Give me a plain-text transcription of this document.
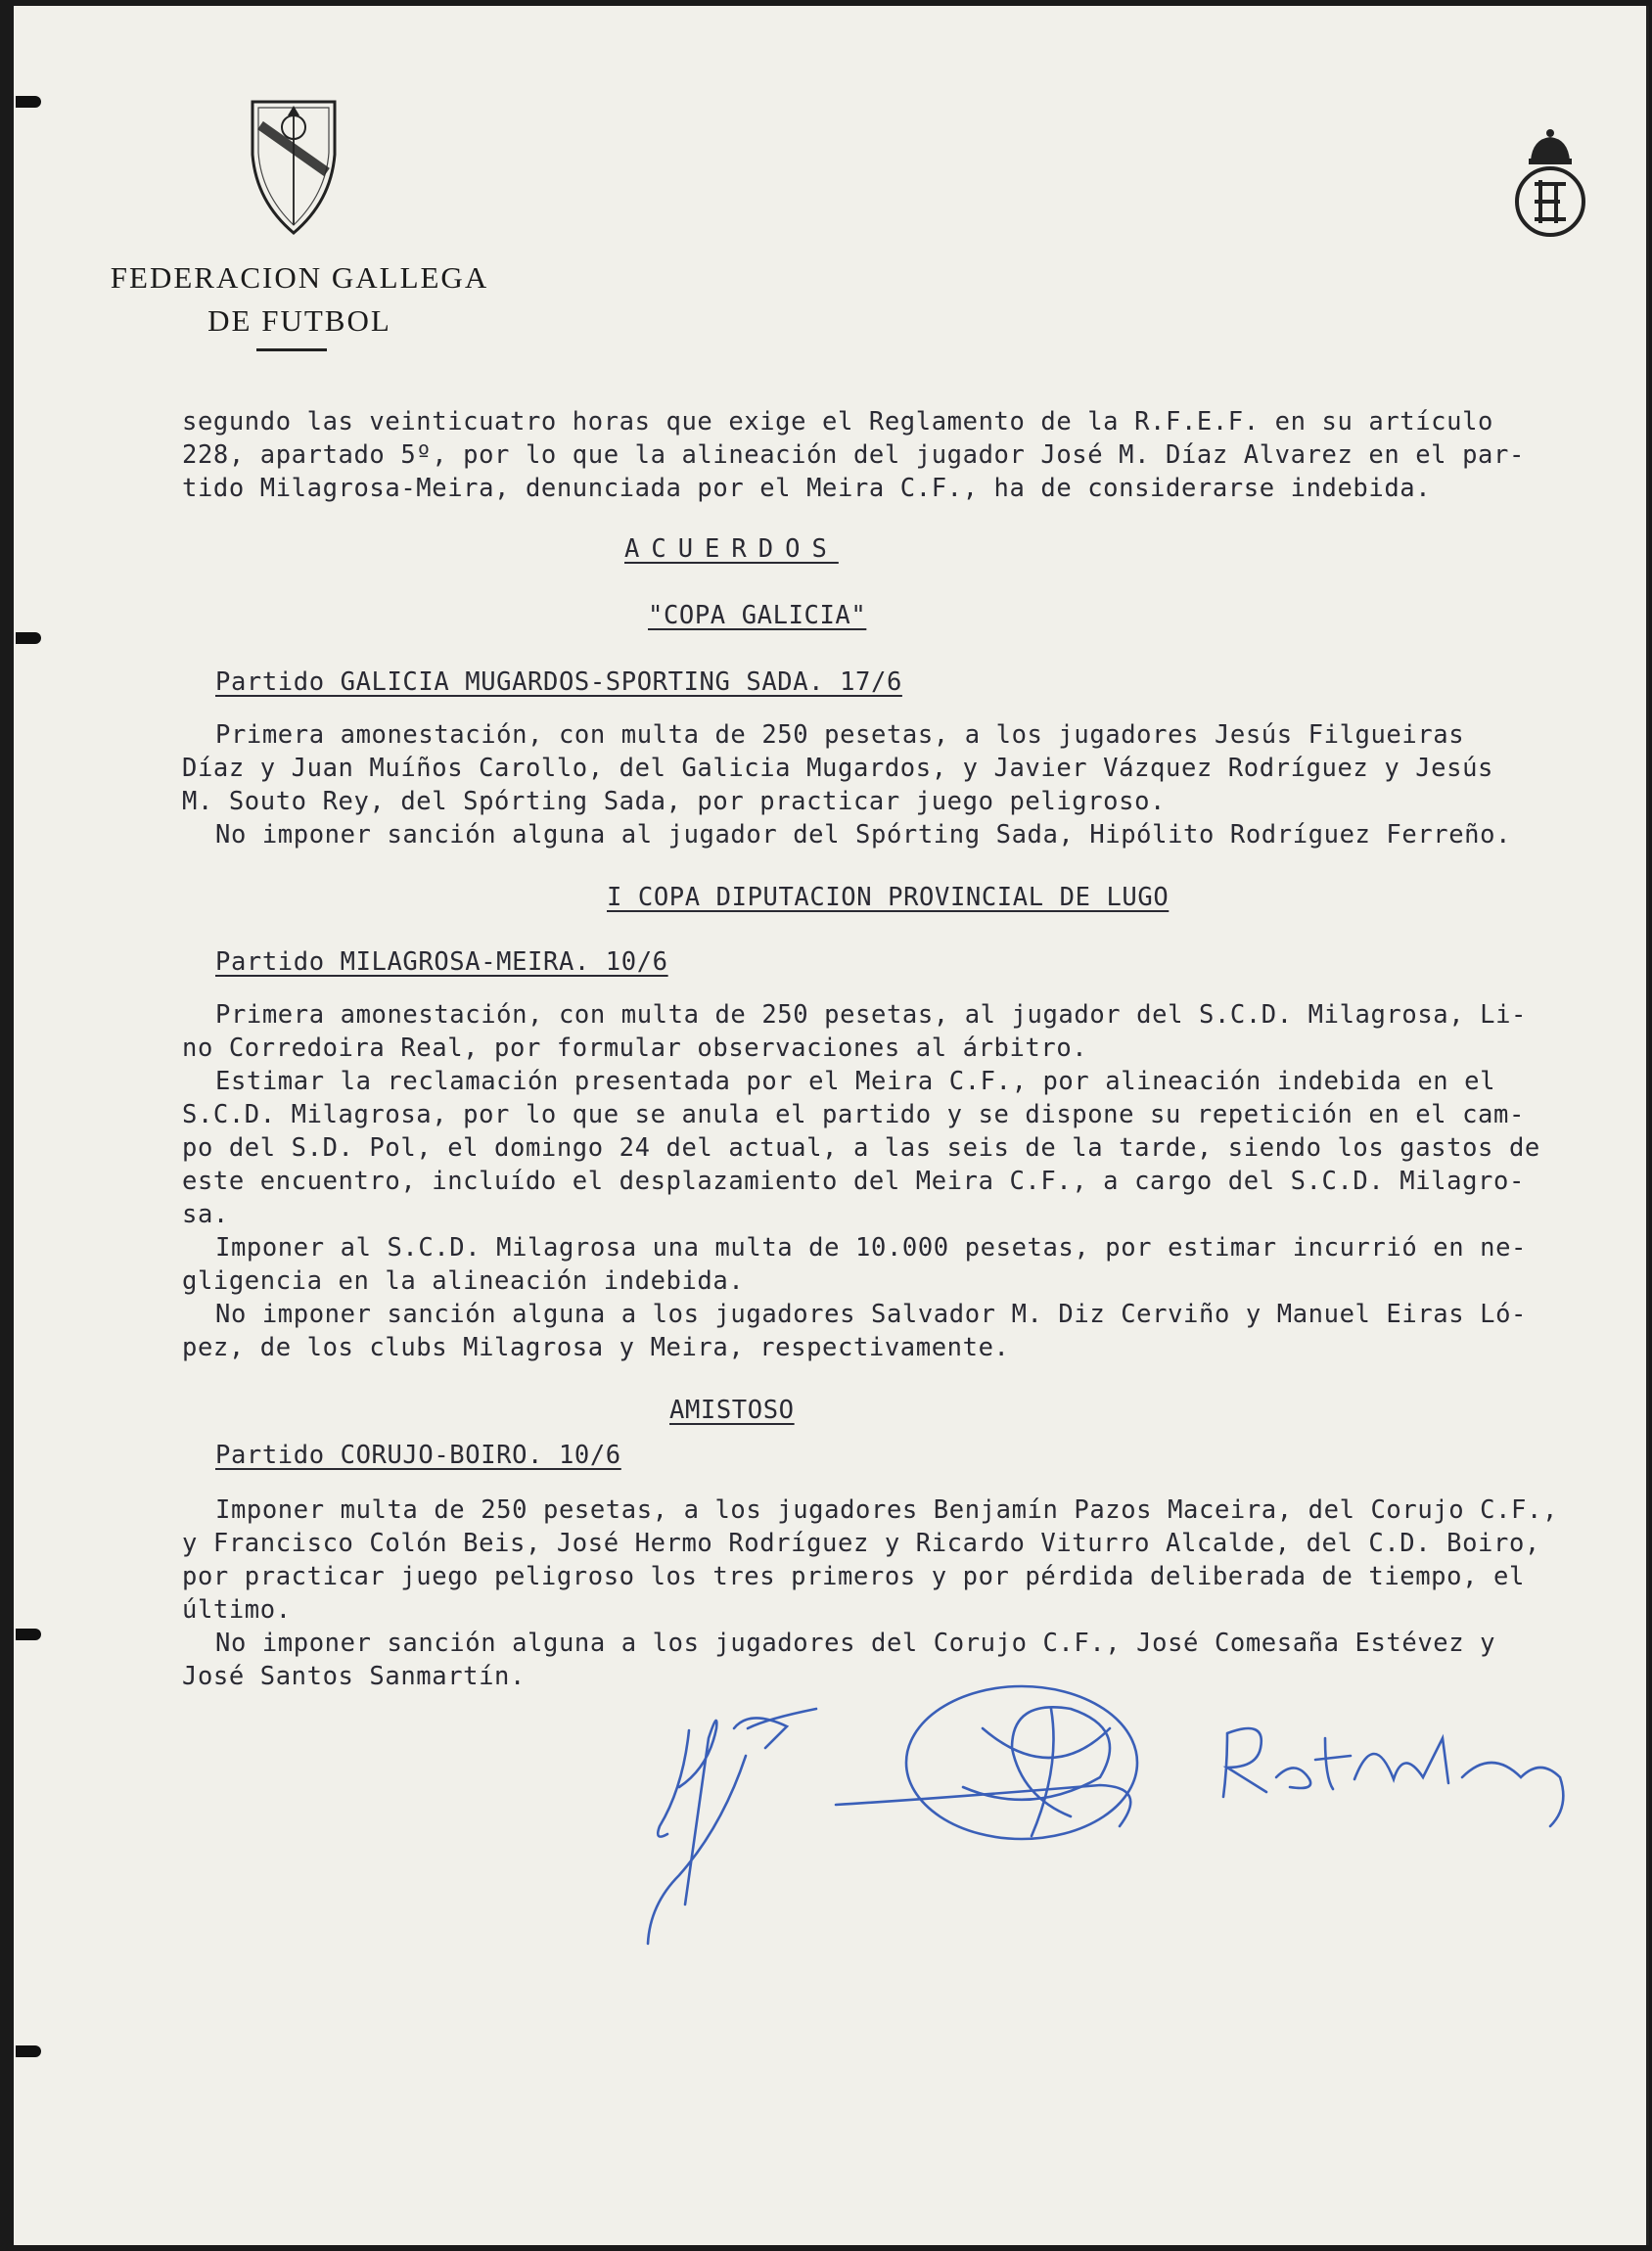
FEDERACION GALLEGA
DE FUTBOL
segundo las veinticuatro horas que exige el Reglamento de la R.F.E.F. en su artículo
228, apartado 5º, por lo que la alineación del jugador José M. Díaz Alvarez en el par-
tido Milagrosa-Meira, denunciada por el Meira C.F., ha de considerarse indebida.
ACUERDOS
"COPA GALICIA"
Partido GALICIA MUGARDOS-SPORTING SADA. 17/6
Primera amonestación, con multa de 250 pesetas, a los jugadores Jesús Filgueiras
Díaz y Juan Muíños Carollo, del Galicia Mugardos, y Javier Vázquez Rodríguez y Jesús
M. Souto Rey, del Spórting Sada, por practicar juego peligroso.
No imponer sanción alguna al jugador del Spórting Sada, Hipólito Rodríguez Ferreño.
I COPA DIPUTACION PROVINCIAL DE LUGO
Partido MILAGROSA-MEIRA. 10/6
Primera amonestación, con multa de 250 pesetas, al jugador del S.C.D. Milagrosa, Li-
no Corredoira Real, por formular observaciones al árbitro.
Estimar la reclamación presentada por el Meira C.F., por alineación indebida en el
S.C.D. Milagrosa, por lo que se anula el partido y se dispone su repetición en el cam-
po del S.D. Pol, el domingo 24 del actual, a las seis de la tarde, siendo los gastos de
este encuentro, incluído el desplazamiento del Meira C.F., a cargo del S.C.D. Milagro-
sa.
Imponer al S.C.D. Milagrosa una multa de 10.000 pesetas, por estimar incurrió en ne-
gligencia en la alineación indebida.
No imponer sanción alguna a los jugadores Salvador M. Diz Cerviño y Manuel Eiras Ló-
pez, de los clubs Milagrosa y Meira, respectivamente.
AMISTOSO
Partido CORUJO-BOIRO. 10/6
Imponer multa de 250 pesetas, a los jugadores Benjamín Pazos Maceira, del Corujo C.F.,
y Francisco Colón Beis, José Hermo Rodríguez y Ricardo Viturro Alcalde, del C.D. Boiro,
por practicar juego peligroso los tres primeros y por pérdida deliberada de tiempo, el
último.
No imponer sanción alguna a los jugadores del Corujo C.F., José Comesaña Estévez y
José Santos Sanmartín.
